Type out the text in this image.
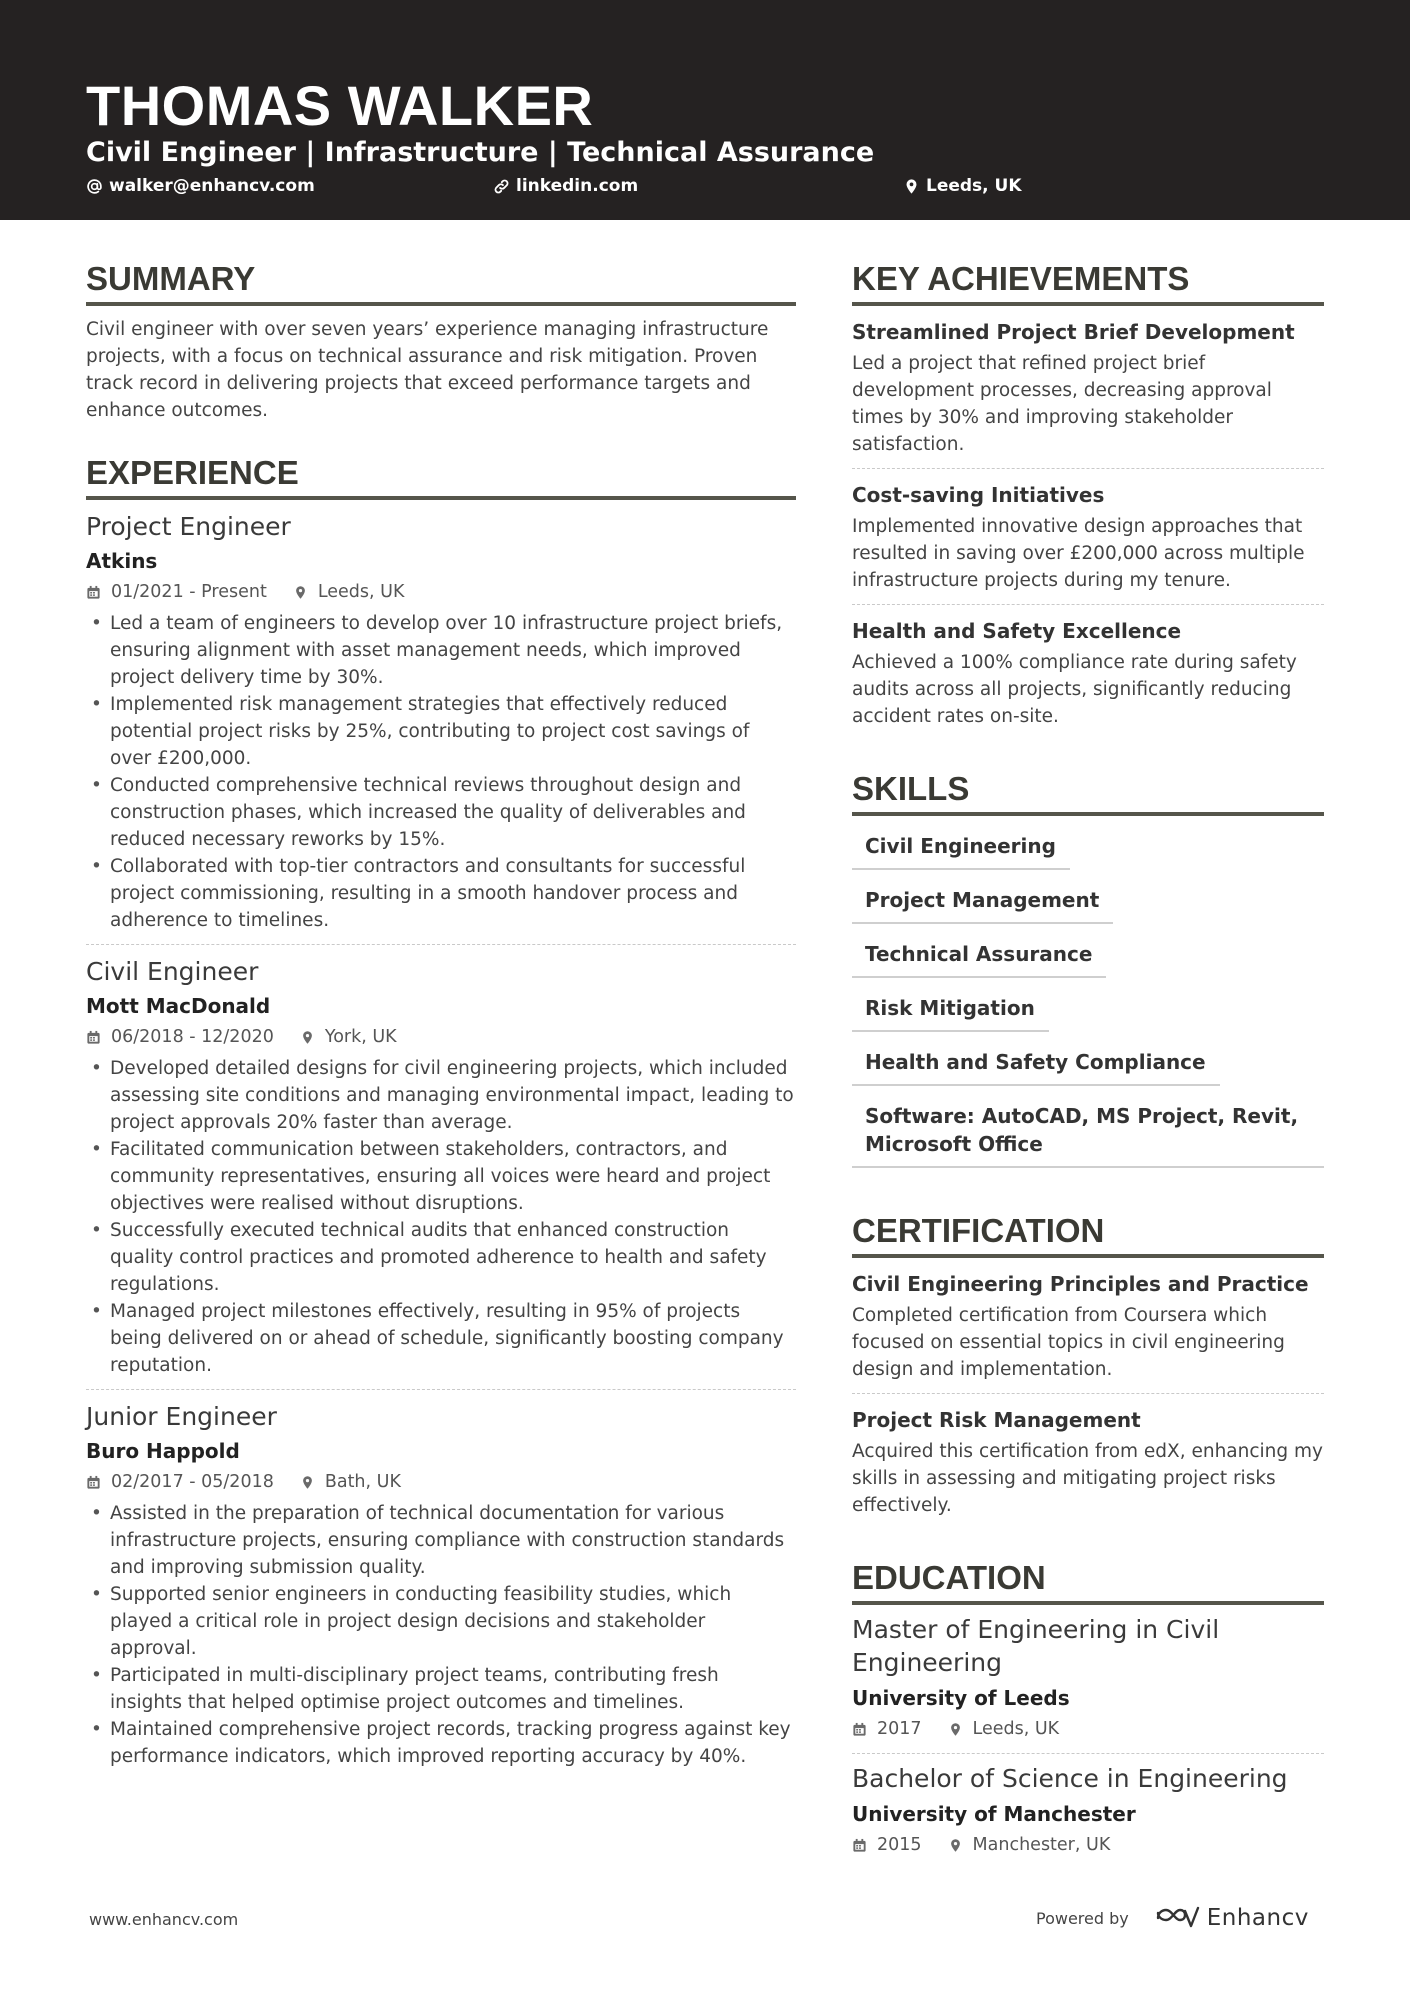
THOMAS WALKER
Civil Engineer | Infrastructure | Technical Assurance
walker@enhancv.com	linkedin.com	Leeds, UK
SUMMARY
Civil engineer with over seven years’ experience managing infrastructure projects, with a focus on technical assurance and risk mitigation. Proven track record in delivering projects that exceed performance targets and enhance outcomes.
EXPERIENCE
Project Engineer
Atkins
01/2021 - Present	Leeds, UK
• Led a team of engineers to develop over 10 infrastructure project briefs, ensuring alignment with asset management needs, which improved project delivery time by 30%.
• Implemented risk management strategies that effectively reduced potential project risks by 25%, contributing to project cost savings of over £200,000.
• Conducted comprehensive technical reviews throughout design and construction phases, which increased the quality of deliverables and reduced necessary reworks by 15%.
• Collaborated with top-tier contractors and consultants for successful project commissioning, resulting in a smooth handover process and adherence to timelines.
Civil Engineer
Mott MacDonald
06/2018 - 12/2020	York, UK
• Developed detailed designs for civil engineering projects, which included assessing site conditions and managing environmental impact, leading to project approvals 20% faster than average.
• Facilitated communication between stakeholders, contractors, and community representatives, ensuring all voices were heard and project objectives were realised without disruptions.
• Successfully executed technical audits that enhanced construction quality control practices and promoted adherence to health and safety regulations.
• Managed project milestones effectively, resulting in 95% of projects being delivered on or ahead of schedule, significantly boosting company reputation.
Junior Engineer
Buro Happold
02/2017 - 05/2018	Bath, UK
• Assisted in the preparation of technical documentation for various infrastructure projects, ensuring compliance with construction standards and improving submission quality.
• Supported senior engineers in conducting feasibility studies, which played a critical role in project design decisions and stakeholder approval.
• Participated in multi-disciplinary project teams, contributing fresh insights that helped optimise project outcomes and timelines.
• Maintained comprehensive project records, tracking progress against key performance indicators, which improved reporting accuracy by 40%.
KEY ACHIEVEMENTS
Streamlined Project Brief Development
Led a project that refined project brief development processes, decreasing approval times by 30% and improving stakeholder satisfaction.
Cost-saving Initiatives
Implemented innovative design approaches that resulted in saving over £200,000 across multiple infrastructure projects during my tenure.
Health and Safety Excellence
Achieved a 100% compliance rate during safety audits across all projects, significantly reducing accident rates on-site.
SKILLS
Civil Engineering
Project Management
Technical Assurance
Risk Mitigation
Health and Safety Compliance
Software: AutoCAD, MS Project, Revit, Microsoft Office
CERTIFICATION
Civil Engineering Principles and Practice
Completed certification from Coursera which focused on essential topics in civil engineering design and implementation.
Project Risk Management
Acquired this certification from edX, enhancing my skills in assessing and mitigating project risks effectively.
EDUCATION
Master of Engineering in Civil Engineering
University of Leeds
2017	Leeds, UK
Bachelor of Science in Engineering
University of Manchester
2015	Manchester, UK
www.enhancv.com	Powered by	Enhancv
